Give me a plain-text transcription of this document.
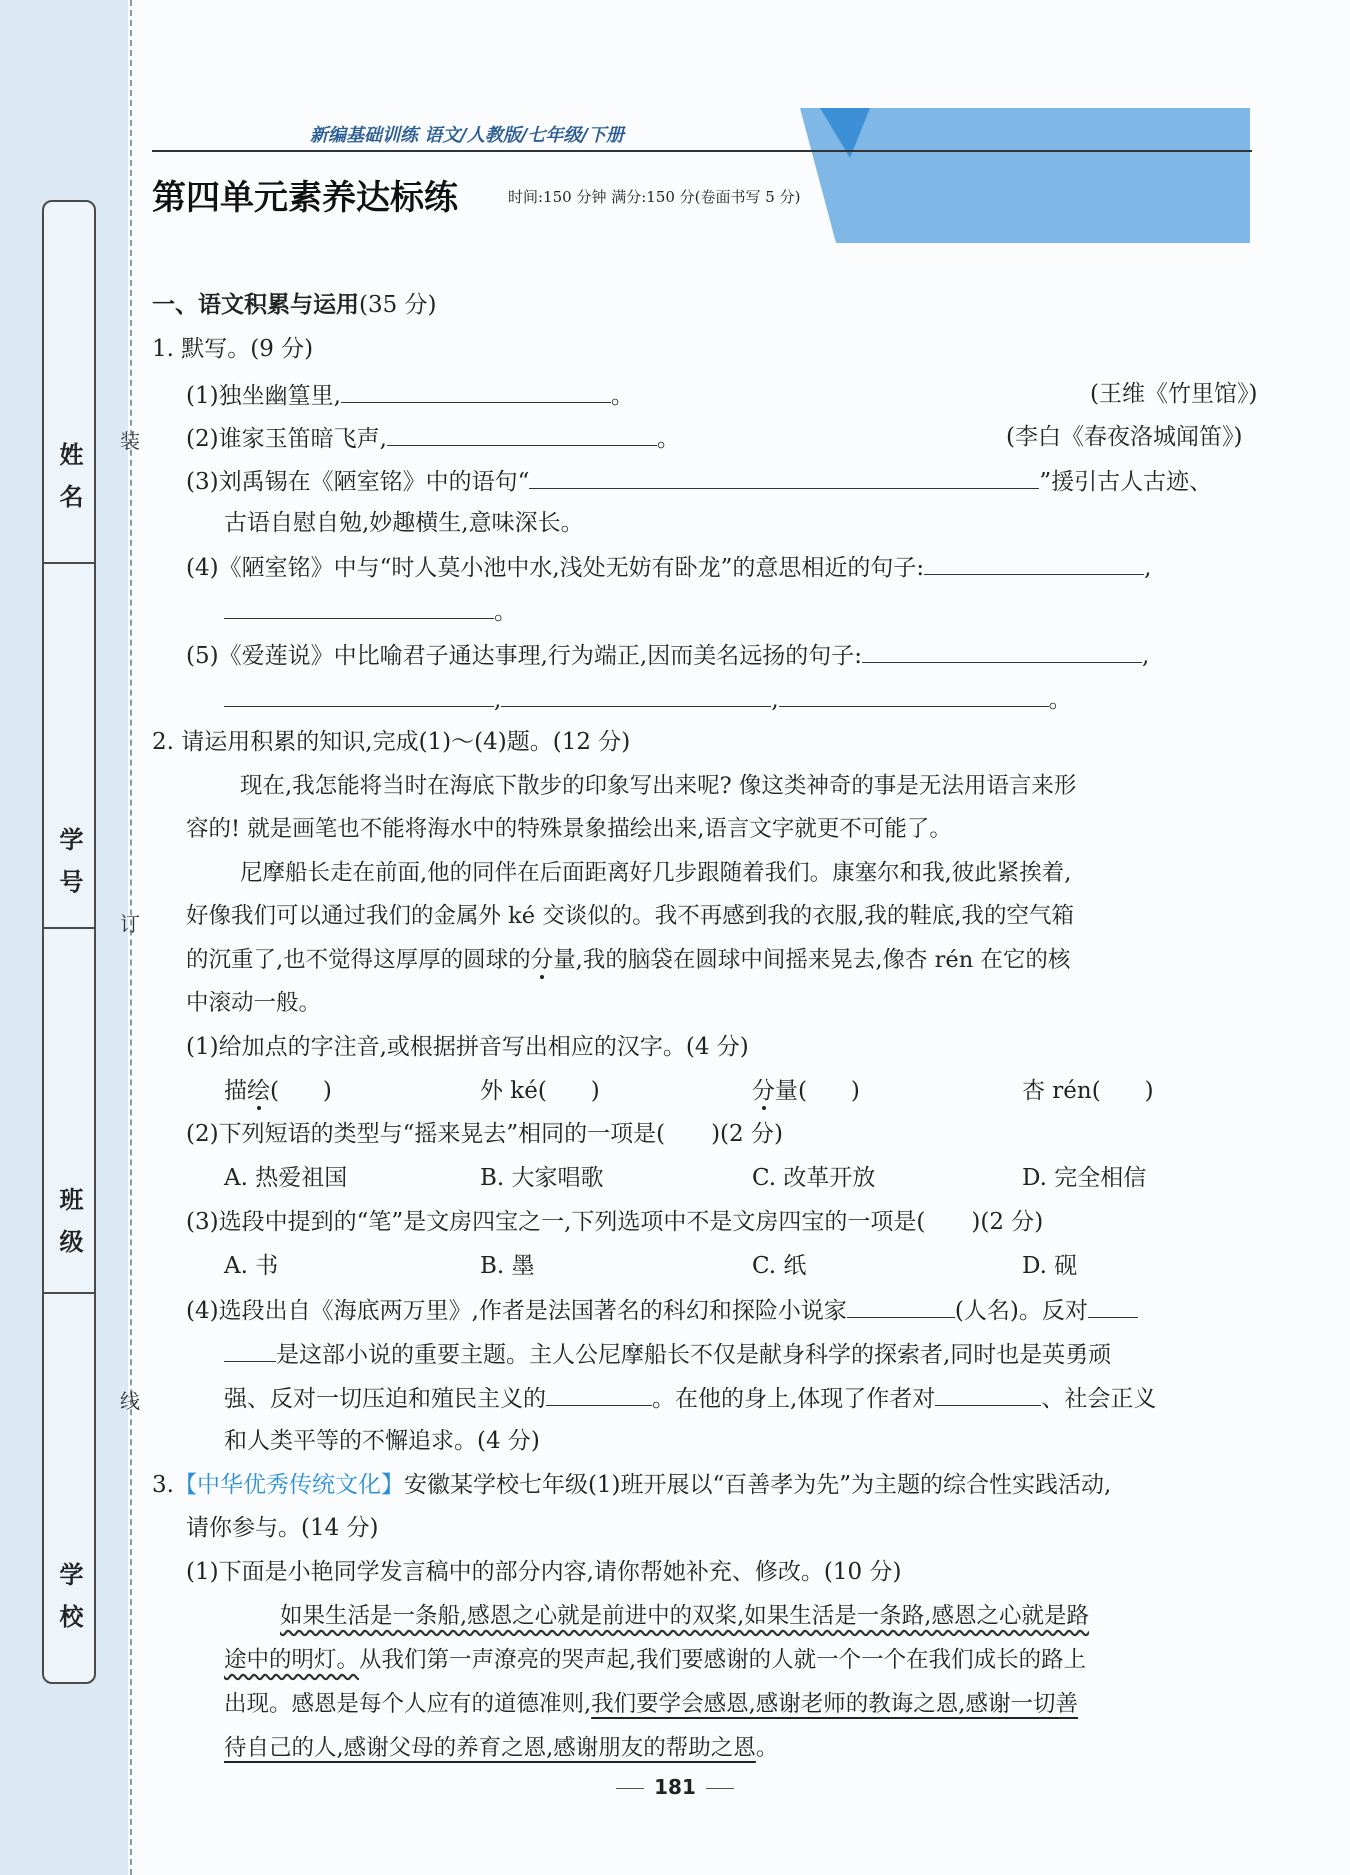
姓名
学号
班级
学校
装
订
线
新编基础训练 语文/人教版/七年级/下册
第四单元素养达标练	时间:150 分钟 满分:150 分(卷面书写 5 分)
一、语文积累与运用(35 分)
1. 默写。(9 分)
(1)独坐幽篁里,	。	(王维《竹里馆》)
(2)谁家玉笛暗飞声,	。	(李白《春夜洛城闻笛》)
(3)刘禹锡在《陋室铭》中的语句“	”援引古人古迹、
古语自慰自勉,妙趣横生,意味深长。
(4)《陋室铭》中与“时人莫小池中水,浅处无妨有卧龙”的意思相近的句子:	,
。
(5)《爱莲说》中比喻君子通达事理,行为端正,因而美名远扬的句子:	,
,	,	。
2. 请运用积累的知识,完成(1)～(4)题。(12 分)
现在,我怎能将当时在海底下散步的印象写出来呢? 像这类神奇的事是无法用语言来形
容的! 就是画笔也不能将海水中的特殊景象描绘出来,语言文字就更不可能了。
尼摩船长走在前面,他的同伴在后面距离好几步跟随着我们。康塞尔和我,彼此紧挨着,
好像我们可以通过我们的金属外 ké 交谈似的。我不再感到我的衣服,我的鞋底,我的空气箱
的沉重了,也不觉得这厚厚的圆球的分量,我的脑袋在圆球中间摇来晃去,像杏 rén 在它的核
中滚动一般。
(1)给加点的字注音,或根据拼音写出相应的汉字。(4 分)
描绘(      )	外 ké(      )	分量(      )	杏 rén(      )
(2)下列短语的类型与“摇来晃去”相同的一项是( )(2 分)
A. 热爱祖国	B. 大家唱歌	C. 改革开放	D. 完全相信
(3)选段中提到的“笔”是文房四宝之一,下列选项中不是文房四宝的一项是( )(2 分)
A. 书	B. 墨	C. 纸	D. 砚
(4)选段出自《海底两万里》,作者是法国著名的科幻和探险小说家	(人名)。反对
是这部小说的重要主题。主人公尼摩船长不仅是献身科学的探索者,同时也是英勇顽
强、反对一切压迫和殖民主义的	。在他的身上,体现了作者对	、社会正义
和人类平等的不懈追求。(4 分)
3.【中华优秀传统文化】安徽某学校七年级(1)班开展以“百善孝为先”为主题的综合性实践活动,
请你参与。(14 分)
(1)下面是小艳同学发言稿中的部分内容,请你帮她补充、修改。(10 分)
如果生活是一条船,感恩之心就是前进中的双桨,如果生活是一条路,感恩之心就是路
途中的明灯。从我们第一声潦亮的哭声起,我们要感谢的人就一个一个在我们成长的路上
出现。感恩是每个人应有的道德准则,我们要学会感恩,感谢老师的教诲之恩,感谢一切善
待自己的人,感谢父母的养育之恩,感谢朋友的帮助之恩。
181
